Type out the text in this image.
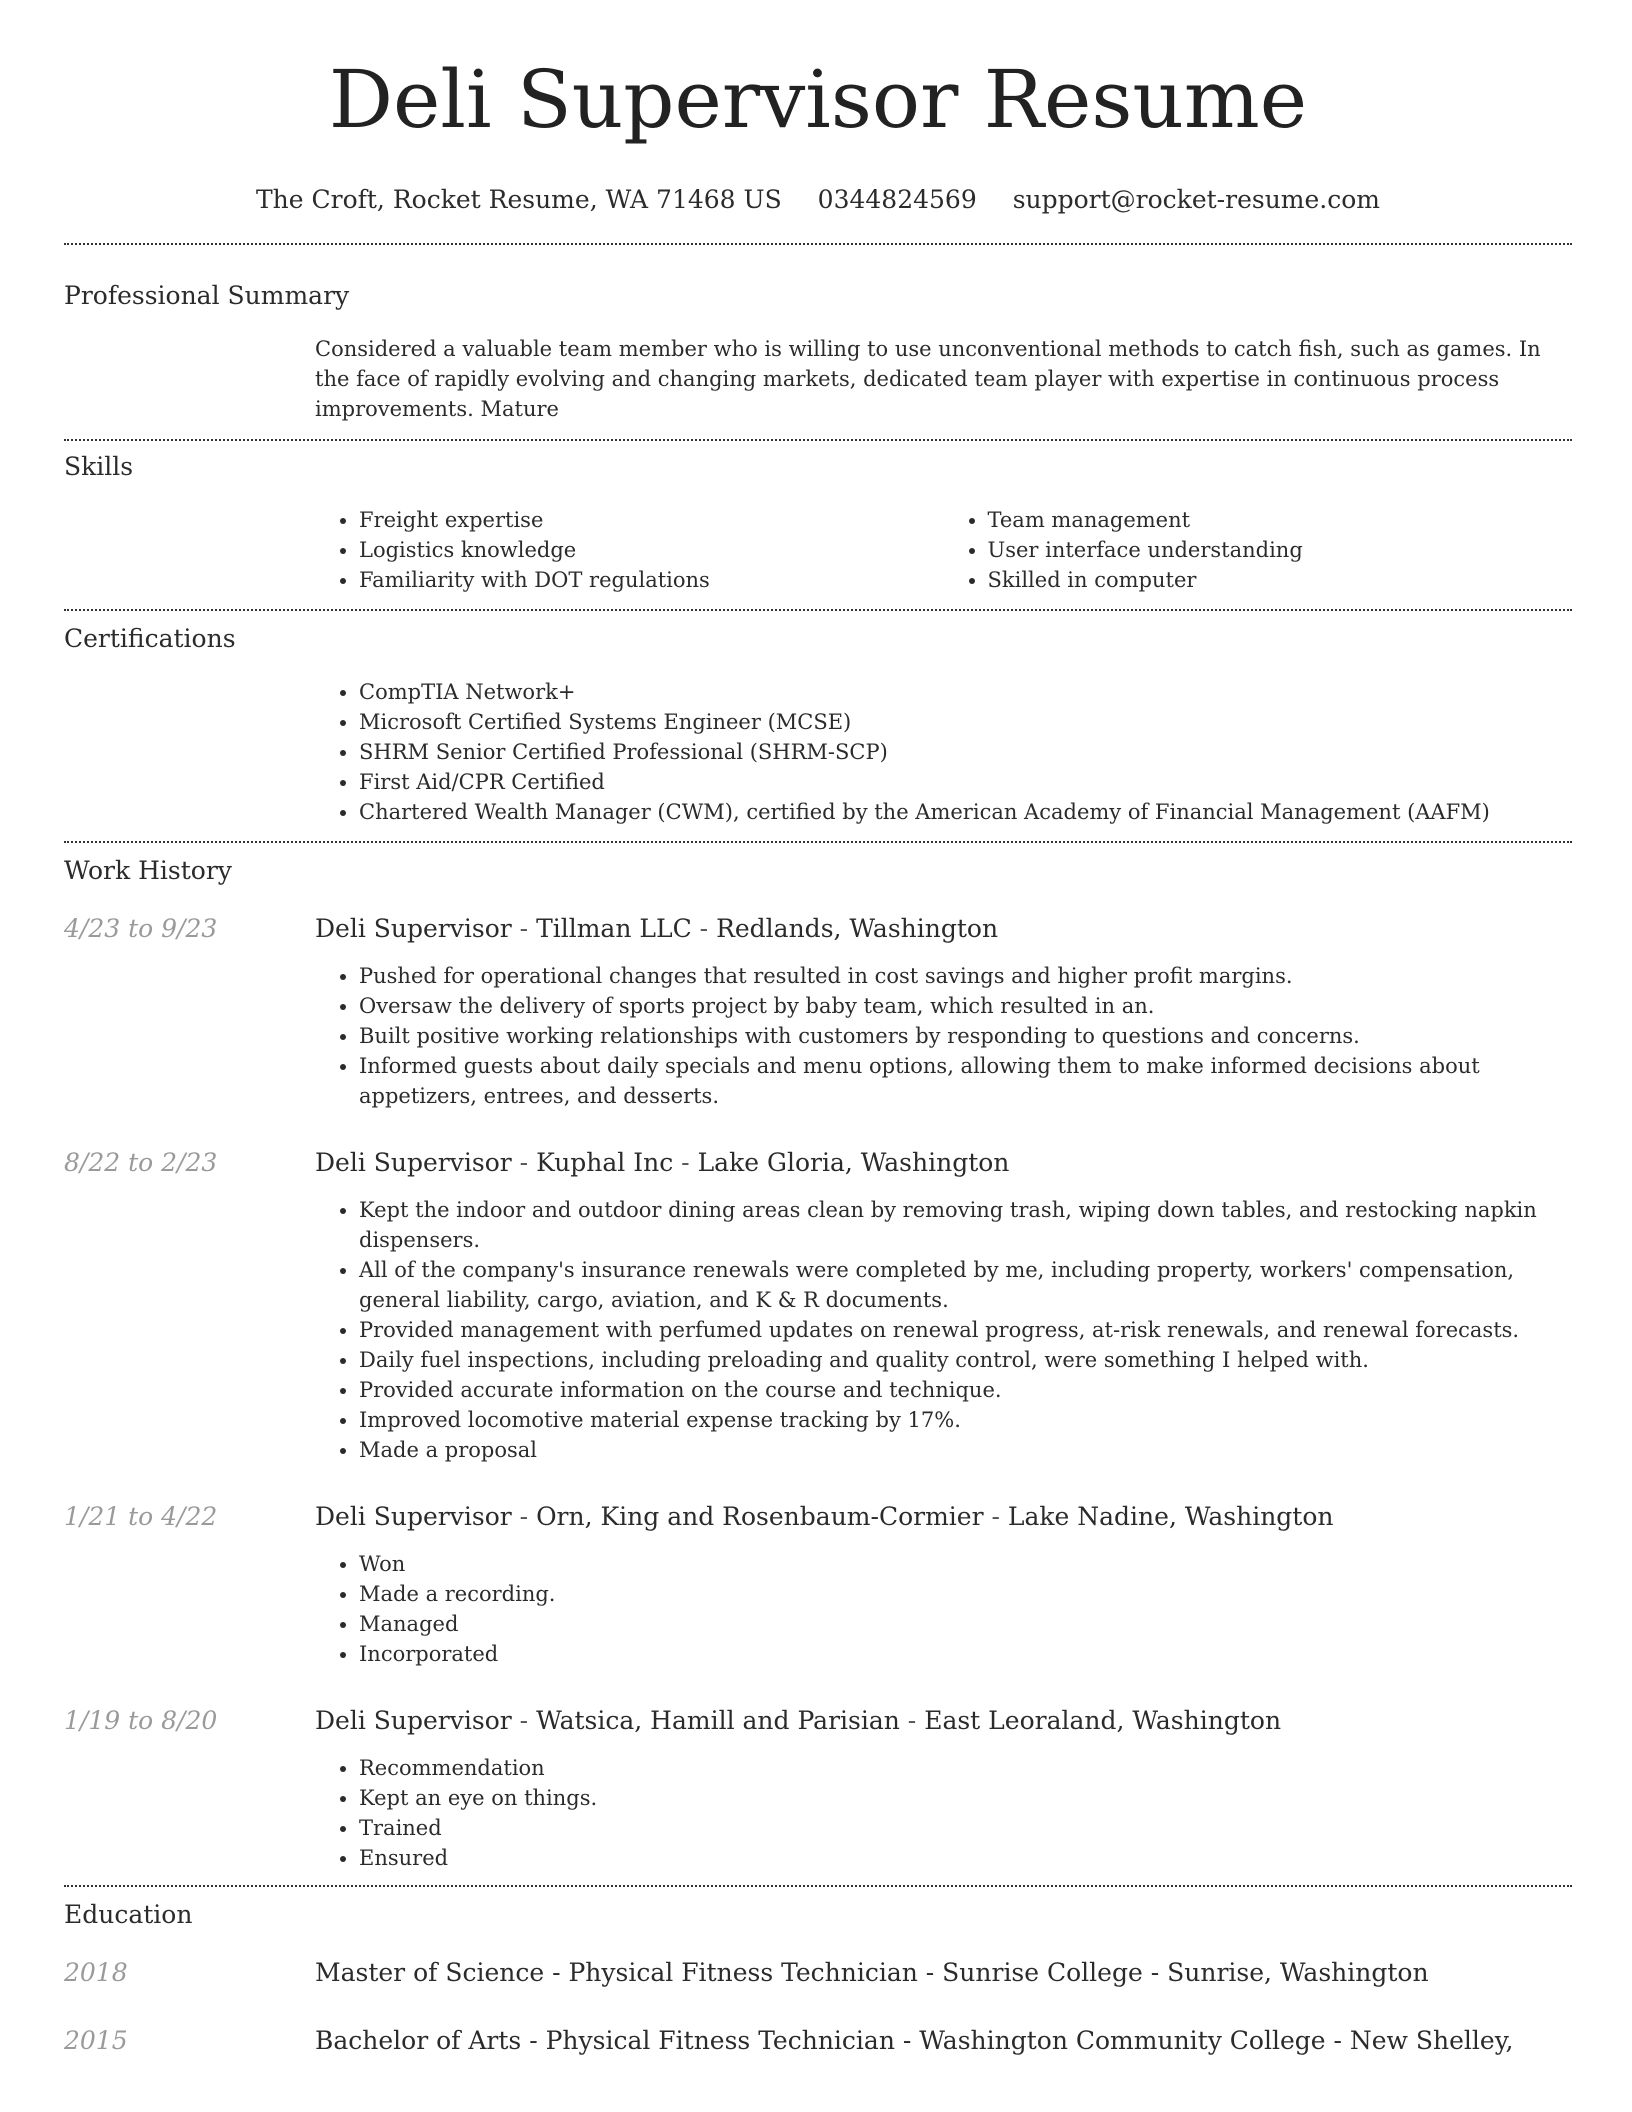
Deli Supervisor Resume
The Croft, Rocket Resume, WA 71468 US 0344824569 support@rocket-resume.com
Professional Summary
Considered a valuable team member who is willing to use unconventional methods to catch fish, such as games. In the face of rapidly evolving and changing markets, dedicated team player with expertise in continuous process improvements. Mature
Skills
• Freight expertise
• Logistics knowledge
• Familiarity with DOT regulations
• Team management
• User interface understanding
• Skilled in computer
Certifications
• CompTIA Network+
• Microsoft Certified Systems Engineer (MCSE)
• SHRM Senior Certified Professional (SHRM-SCP)
• First Aid/CPR Certified
• Chartered Wealth Manager (CWM), certified by the American Academy of Financial Management (AAFM)
Work History
4/23 to 9/23	Deli Supervisor - Tillman LLC - Redlands, Washington
• Pushed for operational changes that resulted in cost savings and higher profit margins.
• Oversaw the delivery of sports project by baby team, which resulted in an.
• Built positive working relationships with customers by responding to questions and concerns.
• Informed guests about daily specials and menu options, allowing them to make informed decisions about appetizers, entrees, and desserts.
8/22 to 2/23	Deli Supervisor - Kuphal Inc - Lake Gloria, Washington
• Kept the indoor and outdoor dining areas clean by removing trash, wiping down tables, and restocking napkin dispensers.
• All of the company's insurance renewals were completed by me, including property, workers' compensation, general liability, cargo, aviation, and K & R documents.
• Provided management with perfumed updates on renewal progress, at-risk renewals, and renewal forecasts.
• Daily fuel inspections, including preloading and quality control, were something I helped with.
• Provided accurate information on the course and technique.
• Improved locomotive material expense tracking by 17%.
• Made a proposal
1/21 to 4/22	Deli Supervisor - Orn, King and Rosenbaum-Cormier - Lake Nadine, Washington
• Won
• Made a recording.
• Managed
• Incorporated
1/19 to 8/20	Deli Supervisor - Watsica, Hamill and Parisian - East Leoraland, Washington
• Recommendation
• Kept an eye on things.
• Trained
• Ensured
Education
2018	Master of Science - Physical Fitness Technician - Sunrise College - Sunrise, Washington
2015	Bachelor of Arts - Physical Fitness Technician - Washington Community College - New Shelley,
